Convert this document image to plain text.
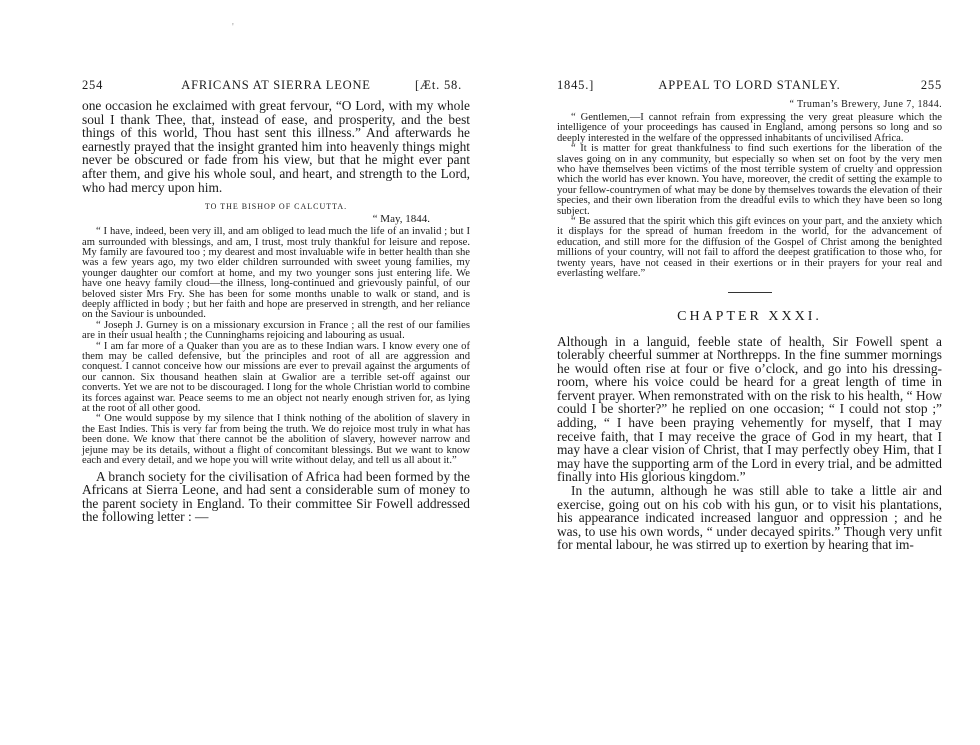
'
254	AFRICANS AT SIERRA LEONE	[Æt. 58.

one occasion he exclaimed with great fervour, “O Lord, with my whole soul I thank Thee, that, instead of ease, and prosperity, and the best things of this world, Thou hast sent this illness.” And afterwards he earnestly prayed that the insight granted him into heavenly things might never be obscured or fade from his view, but that he might ever pant after them, and give his whole soul, and heart, and strength to the Lord, who had mercy upon him.

TO THE BISHOP OF CALCUTTA.
“ May, 1844.

“ I have, indeed, been very ill, and am obliged to lead much the life of an invalid ; but I am surrounded with blessings, and am, I trust, most truly thankful for leisure and repose. My family are favoured too ; my dearest and most invaluable wife in better health than she was a few years ago, my two elder children surrounded with sweet young families, my younger daughter our comfort at home, and my two younger sons just entering life. We have one heavy family cloud—the illness, long-continued and grievously painful, of our beloved sister Mrs Fry. She has been for some months unable to walk or stand, and is deeply afflicted in body ; but her faith and hope are preserved in strength, and her reliance on the Saviour is unbounded.

“ Joseph J. Gurney is on a missionary excursion in France ; all the rest of our families are in their usual health ; the Cunninghams rejoicing and labouring as usual.

“ I am far more of a Quaker than you are as to these Indian wars. I know every one of them may be called defensive, but the principles and root of all are aggression and conquest. I cannot conceive how our missions are ever to prevail against the arguments of our cannon. Six thousand heathen slain at Gwalior are a terrible set-off against our converts. Yet we are not to be discouraged. I long for the whole Christian world to combine its forces against war. Peace seems to me an object not nearly enough striven for, as lying at the root of all other good.

“ One would suppose by my silence that I think nothing of the abolition of slavery in the East Indies. This is very far from being the truth. We do rejoice most truly in what has been done. We know that there cannot be the abolition of slavery, however narrow and jejune may be its details, without a flight of concomitant blessings. But we want to know each and every detail, and we hope you will write without delay, and tell us all about it.”

A branch society for the civilisation of Africa had been formed by the Africans at Sierra Leone, and had sent a considerable sum of money to the parent society in England. To their committee Sir Fowell addressed the following letter : —

1845.]	APPEAL TO LORD STANLEY.	255
“ Truman’s Brewery, June 7, 1844.

“ Gentlemen,—I cannot refrain from expressing the very great pleasure which the intelligence of your proceedings has caused in England, among persons so long and so deeply interested in the welfare of the oppressed inhabitants of uncivilised Africa.

“ It is matter for great thankfulness to find such exertions for the liberation of the slaves going on in any community, but especially so when set on foot by the very men who have themselves been victims of the most terrible system of cruelty and oppression which the world has ever known. You have, moreover, the credit of setting the example to your fellow-countrymen of what may be done by themselves towards the elevation of their species, and their own liberation from the dreadful evils to which they have been so long subject.

“ Be assured that the spirit which this gift evinces on your part, and the anxiety which it displays for the spread of human freedom in the world, for the advancement of education, and still more for the diffusion of the Gospel of Christ among the benighted millions of your country, will not fail to afford the deepest gratification to those who, for twenty years, have not ceased in their exertions or in their prayers for your real and everlasting welfare.”

CHAPTER XXXI.

Although in a languid, feeble state of health, Sir Fowell spent a tolerably cheerful summer at Northrepps. In the fine summer mornings he would often rise at four or five o’clock, and go into his dressing-room, where his voice could be heard for a great length of time in fervent prayer. When remonstrated with on the risk to his health, “ How could I be shorter?” he replied on one occasion; “ I could not stop ;” adding, “ I have been praying vehemently for myself, that I may receive faith, that I may receive the grace of God in my heart, that I may have a clear vision of Christ, that I may perfectly obey Him, that I may have the supporting arm of the Lord in every trial, and be admitted finally into His glorious kingdom.”

In the autumn, although he was still able to take a little air and exercise, going out on his cob with his gun, or to visit his plantations, his appearance indicated increased languor and oppression ; and he was, to use his own words, “ under decayed spirits.” Though very unfit for mental labour, he was stirred up to exertion by hearing that im-
